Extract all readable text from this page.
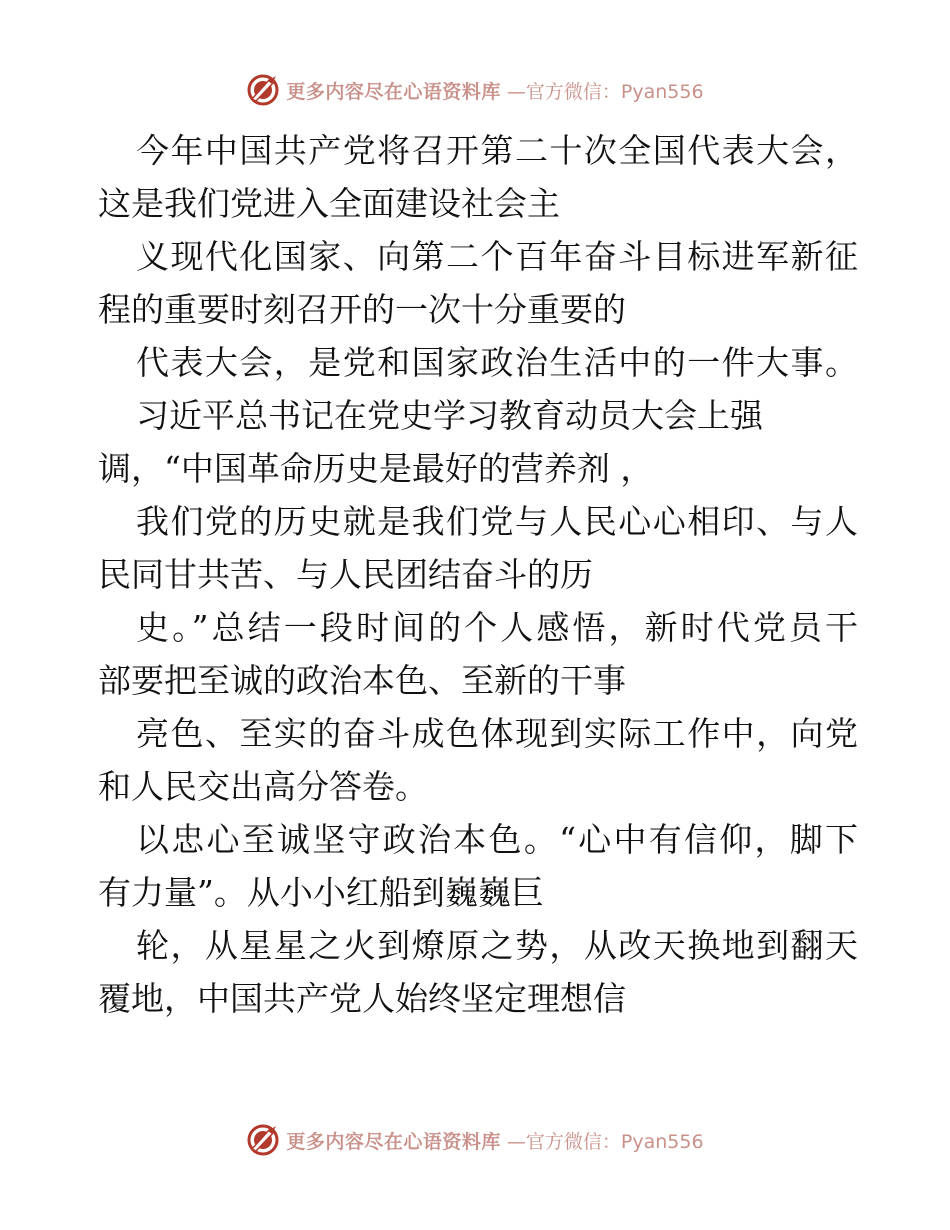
更多内容尽在心语资料库 —官方微信：Pyan556
今年中国共产党将召开第二十次全国代表大会，
这是我们党进入全面建设社会主
义现代化国家、向第二个百年奋斗目标进军新征
程的重要时刻召开的一次十分重要的
代表大会，是党和国家政治生活中的一件大事。
习近平总书记在党史学习教育动员大会上强
调，“中国革命历史是最好的营养剂 ，
我们党的历史就是我们党与人民心心相印、与人
民同甘共苦、与人民团结奋斗的历
史。”总结一段时间的个人感悟，新时代党员干
部要把至诚的政治本色、至新的干事
亮色、至实的奋斗成色体现到实际工作中，向党
和人民交出高分答卷。
以忠心至诚坚守政治本色。“心中有信仰，脚下
有力量”。从小小红船到巍巍巨
轮，从星星之火到燎原之势，从改天换地到翻天
覆地，中国共产党人始终坚定理想信
更多内容尽在心语资料库 —官方微信：Pyan556
